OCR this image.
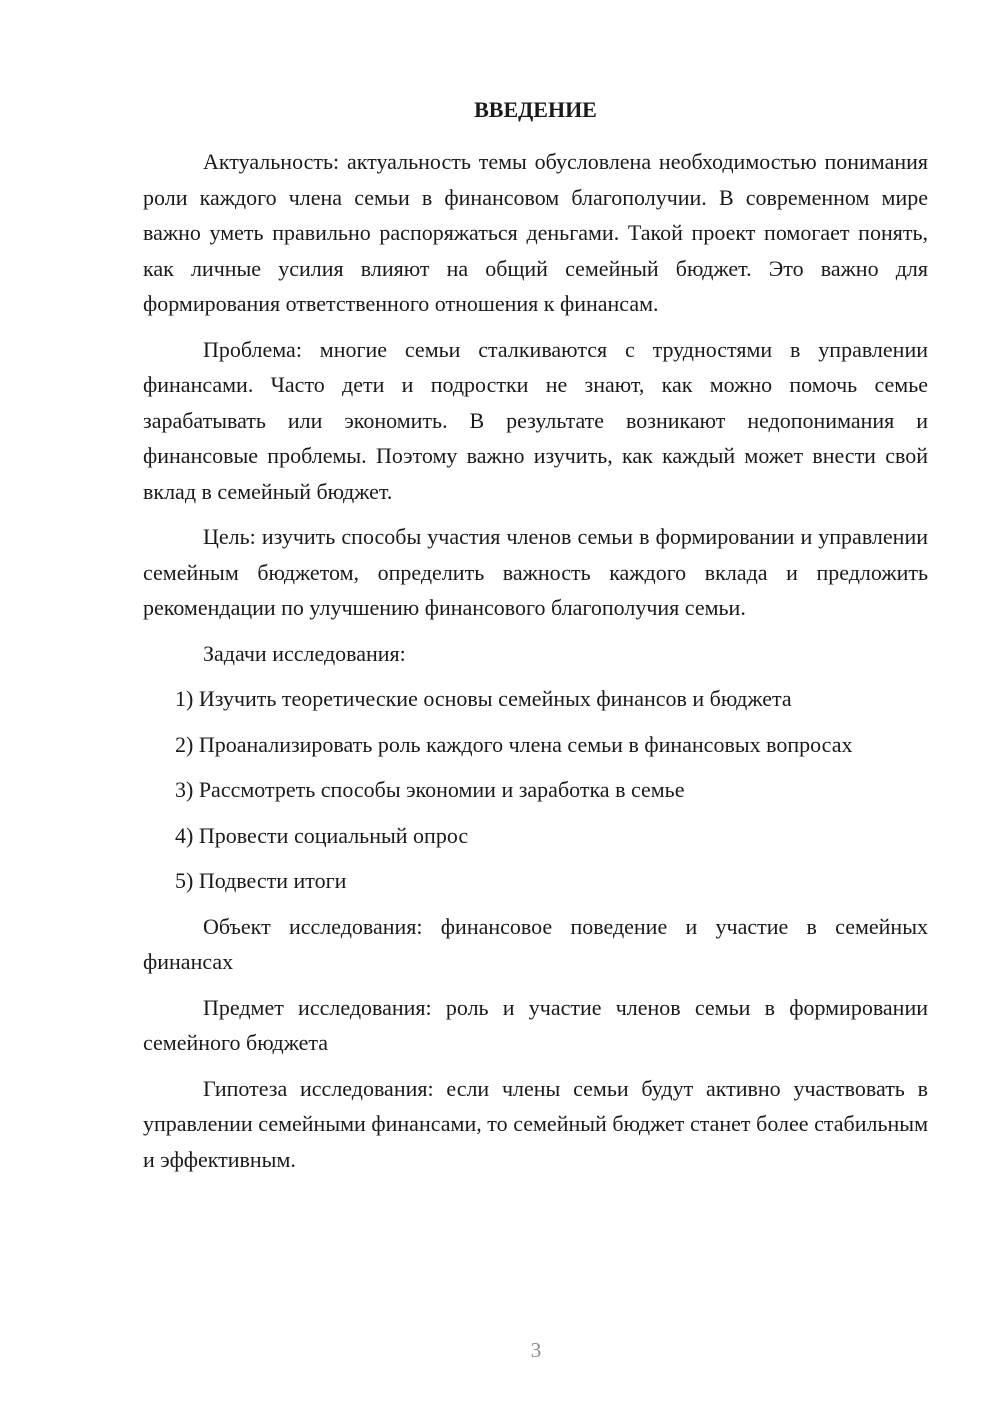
ВВЕДЕНИЕ

Актуальность: актуальность темы обусловлена необходимостью понимания роли каждого члена семьи в финансовом благополучии. В современном мире важно уметь правильно распоряжаться деньгами. Такой проект помогает понять, как личные усилия влияют на общий семейный бюджет. Это важно для формирования ответственного отношения к финансам.

Проблема: многие семьи сталкиваются с трудностями в управлении финансами. Часто дети и подростки не знают, как можно помочь семье зарабатывать или экономить. В результате возникают недопонимания и финансовые проблемы. Поэтому важно изучить, как каждый может внести свой вклад в семейный бюджет.

Цель: изучить способы участия членов семьи в формировании и управлении семейным бюджетом, определить важность каждого вклада и предложить рекомендации по улучшению финансового благополучия семьи.

Задачи исследования:

1) Изучить теоретические основы семейных финансов и бюджета

2) Проанализировать роль каждого члена семьи в финансовых вопросах

3) Рассмотреть способы экономии и заработка в семье

4) Провести социальный опрос

5) Подвести итоги

Объект исследования: финансовое поведение и участие в семейных финансах

Предмет исследования: роль и участие членов семьи в формировании семейного бюджета

Гипотеза исследования: если члены семьи будут активно участвовать в управлении семейными финансами, то семейный бюджет станет более стабильным и эффективным.

3
